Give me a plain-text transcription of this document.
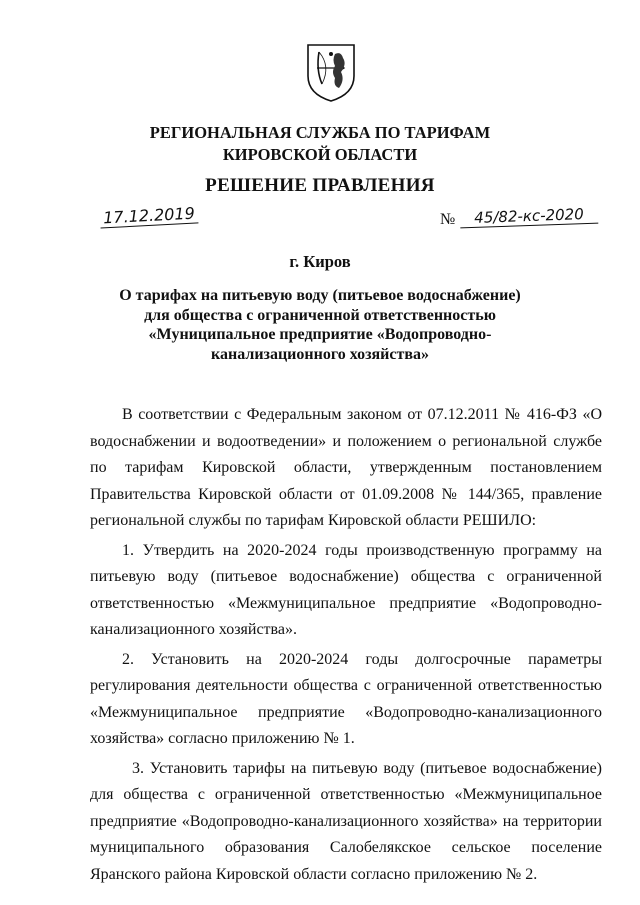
РЕГИОНАЛЬНАЯ СЛУЖБА ПО ТАРИФАМ
КИРОВСКОЙ ОБЛАСТИ
РЕШЕНИЕ ПРАВЛЕНИЯ
17.12.2019	№	45/82-кс-2020
г. Киров
О тарифах на питьевую воду (питьевое водоснабжение)
для общества с ограниченной ответственностью
«Муниципальное предприятие «Водопроводно-
канализационного хозяйства»

В соответствии с Федеральным законом от 07.12.2011 № 416-ФЗ «О водоснабжении и водоотведении» и положением о региональной службе по тарифам Кировской области, утвержденным постановлением Правительства Кировской области от 01.09.2008 № 144/365, правление региональной службы по тарифам Кировской области РЕШИЛО:

1. Утвердить на 2020-2024 годы производственную программу на питьевую воду (питьевое водоснабжение) общества с ограниченной ответственностью «Межмуниципальное предприятие «Водопроводно-канализационного хозяйства».

2. Установить на 2020-2024 годы долгосрочные параметры регулирования деятельности общества с ограниченной ответственностью «Межмуниципальное предприятие «Водопроводно-канализационного хозяйства» согласно приложению № 1.

3. Установить тарифы на питьевую воду (питьевое водоснабжение) для общества с ограниченной ответственностью «Межмуниципальное предприятие «Водопроводно-канализационного хозяйства» на территории муниципального образования Салобелякское сельское поселение Яранского района Кировской области согласно приложению № 2.
